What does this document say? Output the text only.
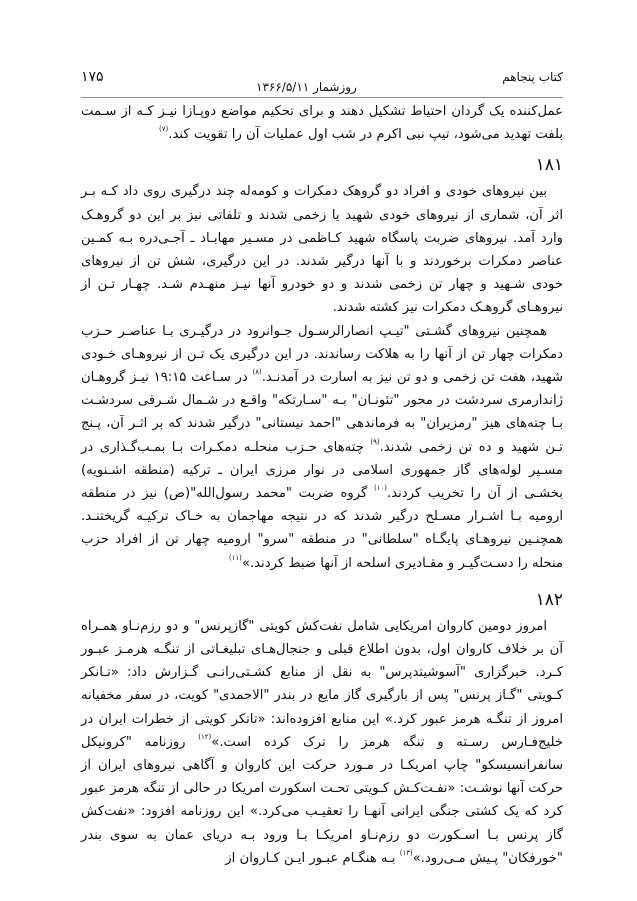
کتاب پنجاهم
روزشمار ۱۳۶۶/۵/۱۱
۱۷۵

عمل‌کننده یک گردان احتیاط تشکیل دهند و برای تحکیم مواضع دوپـازا نیـز کـه از سـمت بلفت تهدید می‌شود، تیپ نبی اکرم در شب اول عملیات آن را تقویت کند.$^{(۷)}$

۱۸۱

بین نیروهای خودی و افراد دو گروهک دمکرات و کومه‌له چند درگیری روی داد کـه بـر اثر آن، شماری از نیروهای خودی شهید یا زخمی شدند و تلفاتی نیز بر این دو گروهـک وارد آمد. نیروهای ضربت پاسگاه شهید کـاظمی در مسـیر مهابـاد ـ آجـی‌دره بـه کمـین عناصر دمکرات برخوردند و با آنها درگیر شدند. در این درگیری، شش تن از نیروهای خودی شـهید و چهار تن زخمی شدند و دو خودرو آنها نیـز منهـدم شـد. چهـار تـن از نیروهـای گروهـک دمکرات نیز کشته شدند.

همچنین نیروهای گشـتی "تیـپ انصارالرسـول جـوانرود در درگیـری بـا عناصـر حـزب دمکرات چهار تن از آنها را به هلاکت رساندند. در این درگیری یک تـن از نیروهـای خـودی شهید، هفت تن زخمی و دو تن نیز به اسارت در آمدنـد.$^{(۸)}$ در سـاعت ۱۹:۱۵ نیـز گروهـان ژاندارمری سردشت در محور "تئونـان" بـه "سـارتکه" واقـع در شـمال شـرقی سردشـت بـا چته‌های هیز "رمزیران" به فرماندهی "احمد نیستانی" درگیر شدند که بر اثـر آن، پـنج تـن شهید و ده تن زخمی شدند.$^{(۹)}$ چته‌های حـزب منحلـه دمکـرات بـا بمـب‌گـذاری در مسـیر لوله‌های گاز جمهوری اسلامی در نوار مرزی ایران ـ ترکیه (منطقه اشـنویه) بخشـی از آن را تخریب کردند.$^{(۱۰)}$ گروه ضربت "محمد رسول‌الله"(ص) نیز در منطقه ارومیه بـا اشـرار مسـلح درگیر شدند که در نتیجه مهاجمان به خـاک ترکیـه گریختنـد. همچنـین نیروهـای پایگـاه "سلطانی" در منطقه "سرو" ارومیه چهار تن از افراد حزب منحله را دسـت‌گیـر و مقـادیری اسلحه از آنها ضبط کردند.»$^{(۱۱)}$

۱۸۲

امروز دومین کاروان امریکایی شامل نفت‌کش کویتی "گازپرنس" و دو رزم‌نـاو همـراه آن بر خلاف کاروان اول، بدون اطلاع قبلی و جنجال‌هـای تبلیغـاتی از تنگـه هرمـز عبـور کـرد. خبرگزاری "آسوشیتدپرس" به نقل از منابع کشـتی‌رانـی گـزارش داد: «تـانکر کـویتی "گـاز پرنس" پس از بارگیری گاز مایع در بندر "الاحمدی" کویت، در سفر مخفیانه امروز از تنگـه هرمز عبور کرد.» این منابع افزوده‌اند: «تانکر کویتی از خطرات ایران در خلیج‌فـارس رسـته و تنگه هرمز را ترک کرده است.»$^{(۱۲)}$ روزنامه "کرونیکل سانفرانسیسکو" چاپ امریکـا در مـورد حرکت این کاروان و آگاهی نیروهای ایران از حرکت آنها نوشـت: «نفـت‌کـش کـویتی تحـت اسکورت امریکا در حالی از تنگه هرمز عبور کرد که یک کشتی جنگی ایرانی آنهـا را تعقیـب می‌کرد.» این روزنامه افزود: «نفت‌کش گاز پرنس بـا اسـکورت دو رزم‌نـاو امریکـا بـا ورود بـه دریای عمان به سوی بندر "خورفکان" پـیش مـی‌رود.»$^{(۱۳)}$ بـه هنگـام عبـور ایـن کـاروان از
